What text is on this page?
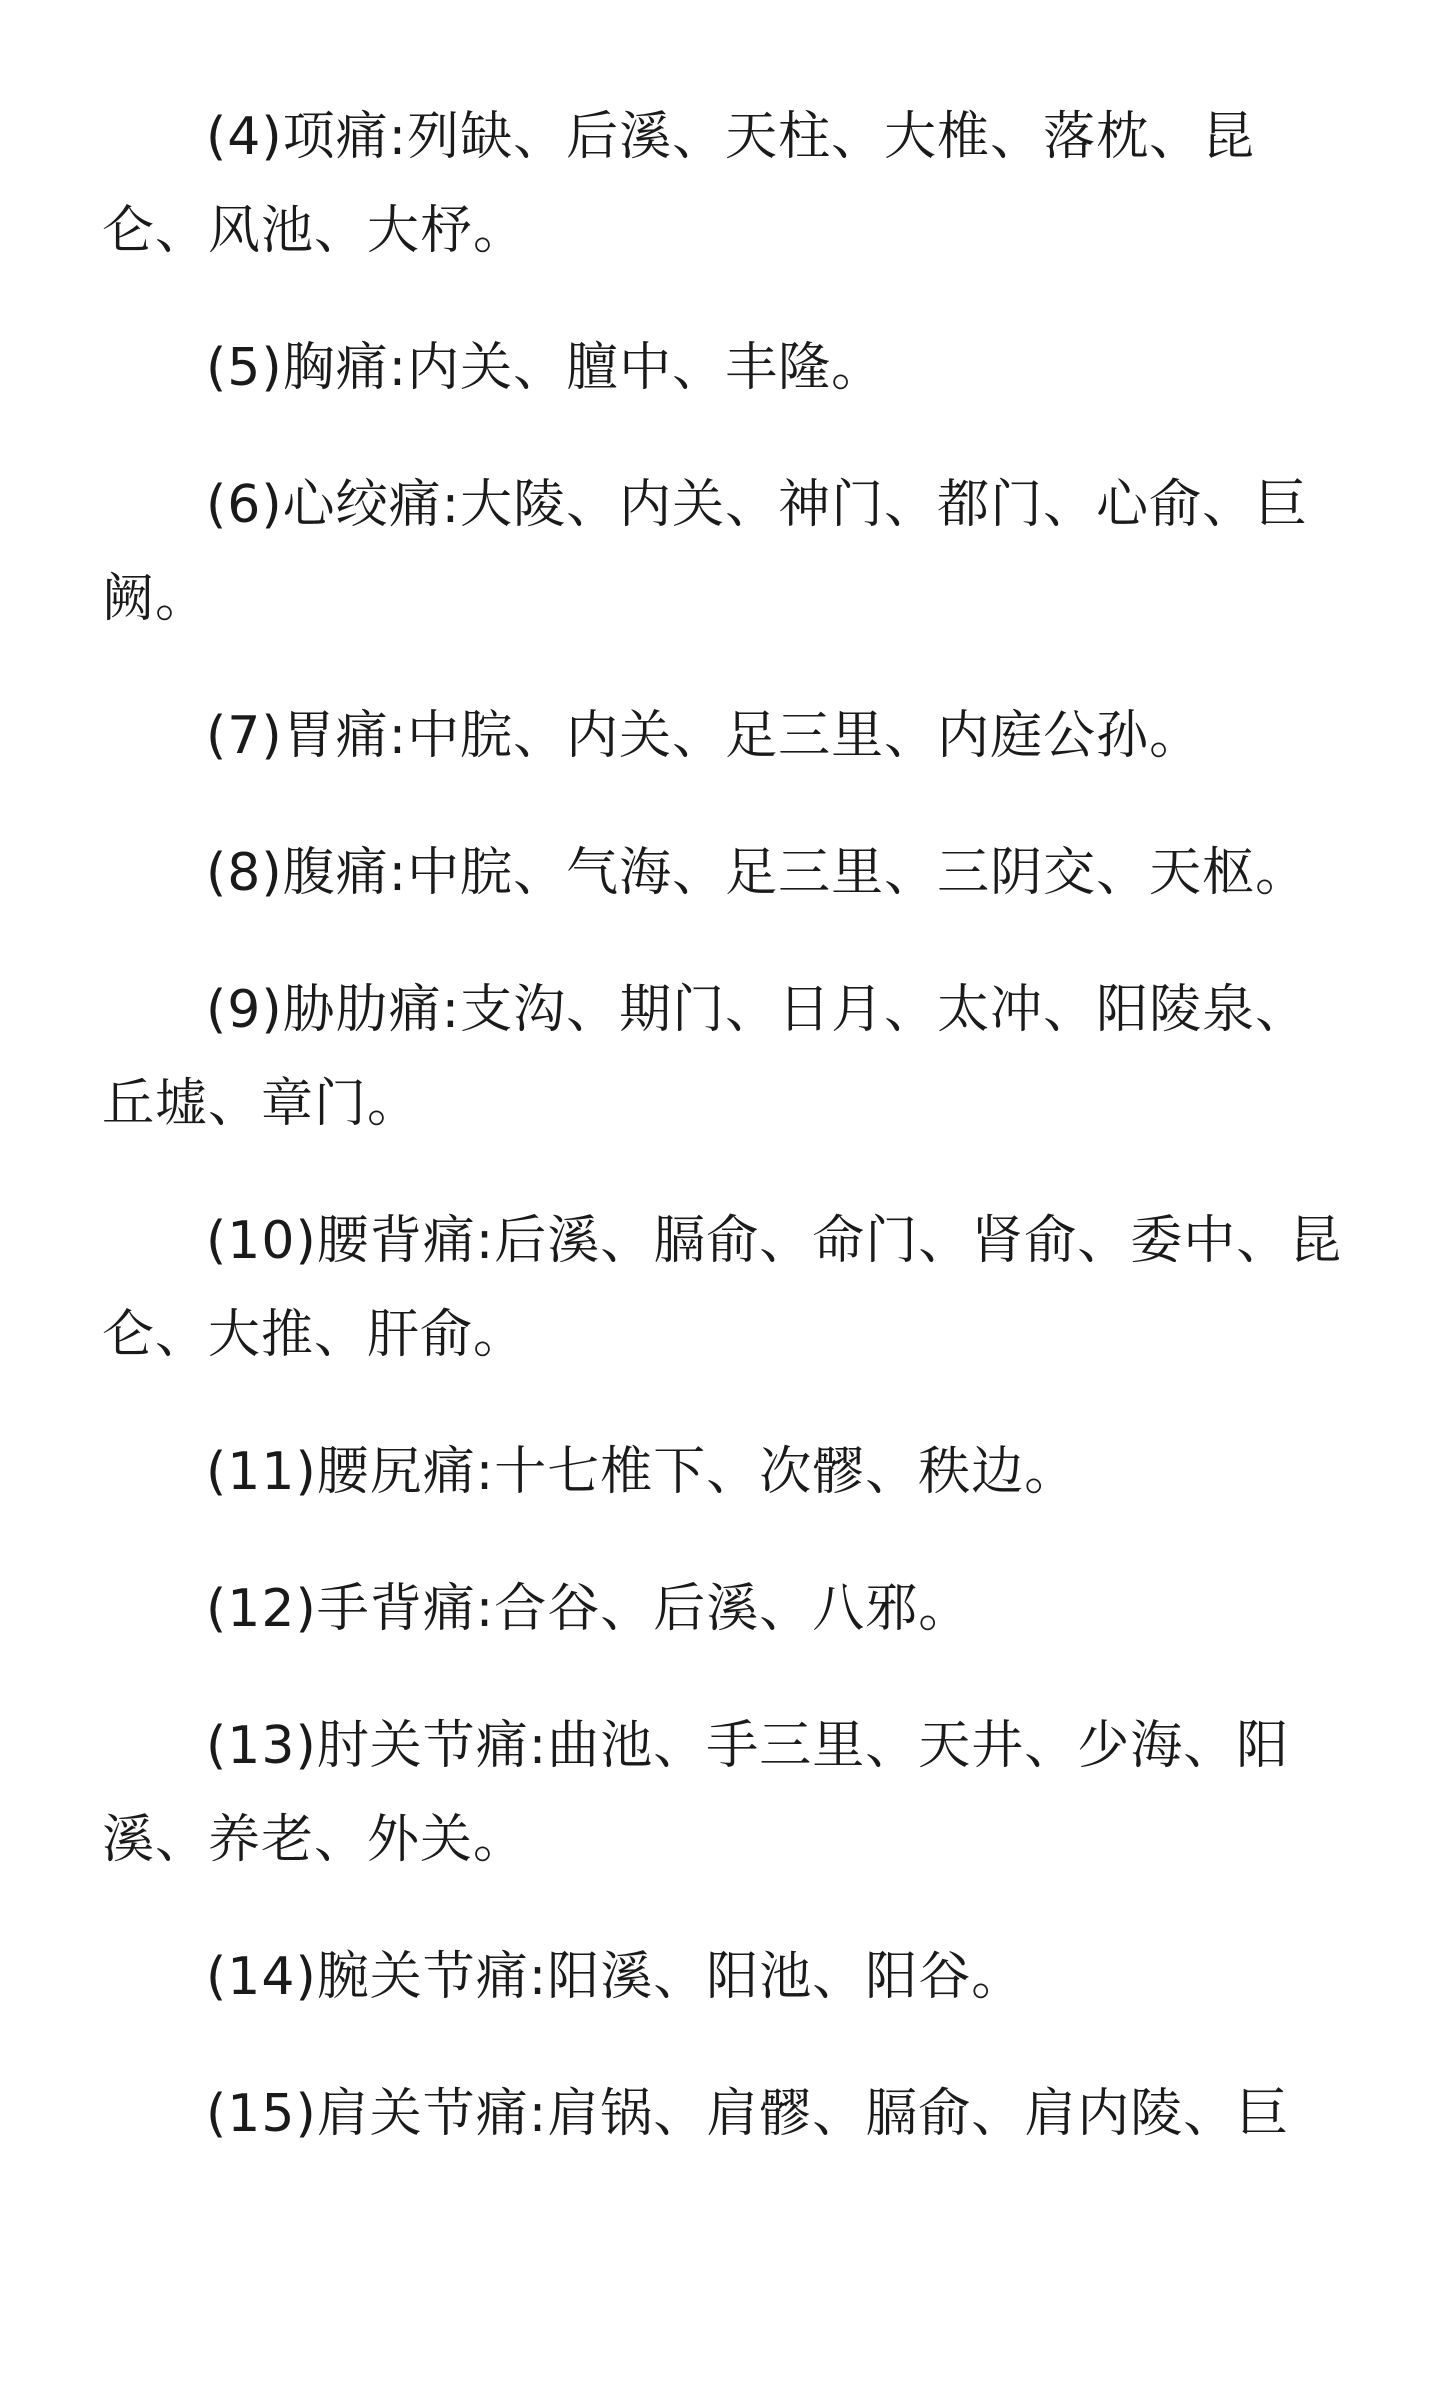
(4)项痛:列缺、后溪、天柱、大椎、落枕、昆仑、风池、大杼。

(5)胸痛:内关、膻中、丰隆。

(6)心绞痛:大陵、内关、神门、都门、心俞、巨阙。

(7)胃痛:中脘、内关、足三里、内庭公孙。

(8)腹痛:中脘、气海、足三里、三阴交、天枢。

(9)胁肋痛:支沟、期门、日月、太冲、阳陵泉、丘墟、章门。

(10)腰背痛:后溪、膈俞、命门、肾俞、委中、昆仑、大推、肝俞。

(11)腰尻痛:十七椎下、次髎、秩边。

(12)手背痛:合谷、后溪、八邪。

(13)肘关节痛:曲池、手三里、天井、少海、阳溪、养老、外关。

(14)腕关节痛:阳溪、阳池、阳谷。

(15)肩关节痛:肩锅、肩髎、膈俞、肩内陵、巨
